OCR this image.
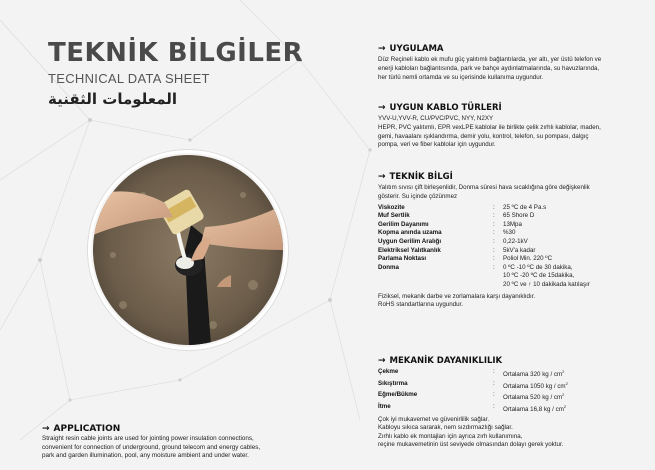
TEKNİK BİLGİLER
TECHNICAL DATA SHEET
المعلومات الثقنية
→ APPLICATION
Straight resin cable joints are used for jointing power insulation connections,
convenient for connection of underground, ground telecom and energy cables,
park and garden illumination, pool, any moisture ambient and under water.
→ UYGULAMA
Düz Reçineli kablo ek mufu güç yalıtımlı bağlantılarda, yer altı, yer üstü telefon ve
enerji kabloları bağlantısında, park ve bahçe aydınlatmalarında, su havuzlarında,
her türlü nemli ortamda ve su içerisinde kullanıma uygundur.
→ UYGUN KABLO TÜRLERİ
YVV-U,YVV-R, CU/PVC/PVC, NYY, N2XY
HEPR, PVC yalıtımlı, EPR vexLPE kablolar ile birlikte çelik zırhlı kablolar, maden,
gemi, havaalanı ışıklandırma, demir yolu, kontrol, telefon, su pompası, dalgıç
pompa, veri ve fiber kablolar için uygundur.
→ TEKNİK BİLGİ
Yalıtım sıvısı çift birleşenlidir, Donma süresi hava sıcaklığına göre değişkenlik
gösterir. Su içinde çözünmez
Viskozite	:	25 ºC de 4 Pa.s
Muf Sertlik	:	65 Shore D
Gerilim Dayanımı	:	13Mpa
Kopma anında uzama	:	%30
Uygun Gerilim Aralığı	:	0,22-1kV
Elektriksel Yalıtkanlık	:	5kV'a kadar
Parlama Noktası	:	Poliol Min. 220 ºC
Donma	:	0 ºC -10 ºC de 30 dakika,
10 ºC -20 ºC de 15dakika,
20 ºC ve ↑ 10 dakikada katılaşır
Fiziksel, mekanik darbe ve zorlamalara karşı dayanıklıdır.
RoHS standartlarına uygundur.
→ MEKANİK DAYANIKLILIK
Çekme	:	Ortalama 320 kg / $cm^2$
Sıkıştırma	:	Ortalama 1050 kg / $cm^2$
Eğme/Bükme	:	Ortalama 520 kg / $cm^2$
İtme	:	Ortalama 16,8 kg / $cm^2$
Çok iyi mukavemet ve güvenirlilik sağlar.
Kabloyu sıkıca sararak, nem sızdırmazlığı sağlar.
Zırhlı kablo ek montajları için ayrıca zırh kullanımına,
reçine mukavemetinin üst seviyede olmasından dolayı gerek yoktur.
